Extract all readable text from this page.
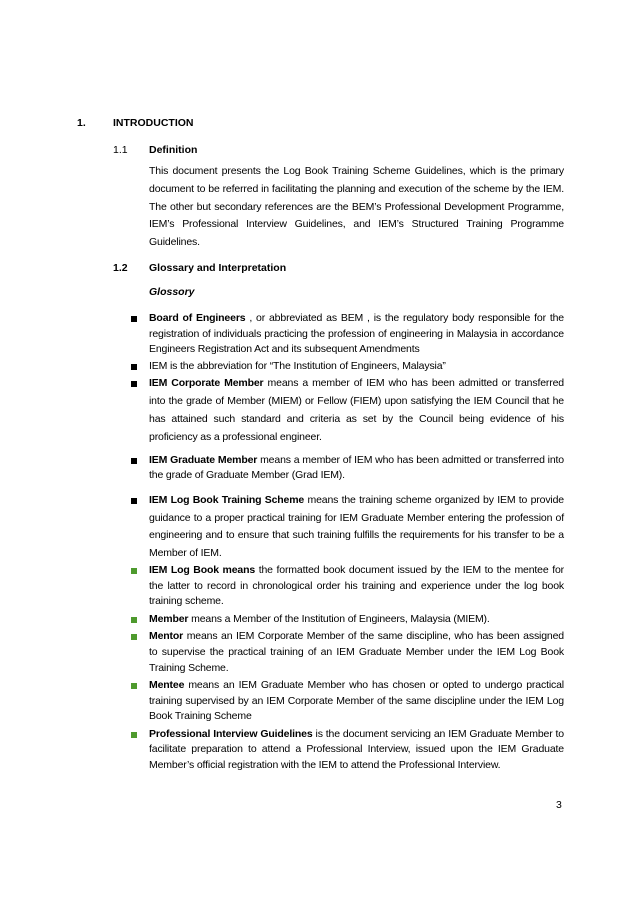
1.	INTRODUCTION
1.1 Definition
This document presents the Log Book Training Scheme Guidelines, which is the primary document to be referred in facilitating the planning and execution of the scheme by the IEM. The other but secondary references are the BEM’s Professional Development Programme, IEM’s Professional Interview Guidelines, and IEM’s Structured Training Programme Guidelines.
1.2 Glossary and Interpretation
Glossory
Board of Engineers , or abbreviated as BEM , is the regulatory body responsible for the registration of individuals practicing the profession of engineering in Malaysia in accordance Engineers Registration Act and its subsequent Amendments
IEM is the abbreviation for “The Institution of Engineers, Malaysia”
IEM Corporate Member means a member of IEM who has been admitted or transferred into the grade of Member (MIEM) or Fellow (FIEM) upon satisfying the IEM Council that he has attained such standard and criteria as set by the Council being evidence of his proficiency as a professional engineer.
IEM Graduate Member means a member of IEM who has been admitted or transferred into the grade of Graduate Member (Grad IEM).
IEM Log Book Training Scheme means the training scheme organized by IEM to provide guidance to a proper practical training for IEM Graduate Member entering the profession of engineering and to ensure that such training fulfills the requirements for his transfer to be a Member of IEM.
IEM Log Book means the formatted book document issued by the IEM to the mentee for the latter to record in chronological order his training and experience under the log book training scheme.
Member means a Member of the Institution of Engineers, Malaysia (MIEM).
Mentor means an IEM Corporate Member of the same discipline, who has been assigned to supervise the practical training of an IEM Graduate Member under the IEM Log Book Training Scheme.
Mentee means an IEM Graduate Member who has chosen or opted to undergo practical training supervised by an IEM Corporate Member of the same discipline under the IEM Log Book Training Scheme
Professional Interview Guidelines is the document servicing an IEM Graduate Member to facilitate preparation to attend a Professional Interview, issued upon the IEM Graduate Member’s official registration with the IEM to attend the Professional Interview.
3
